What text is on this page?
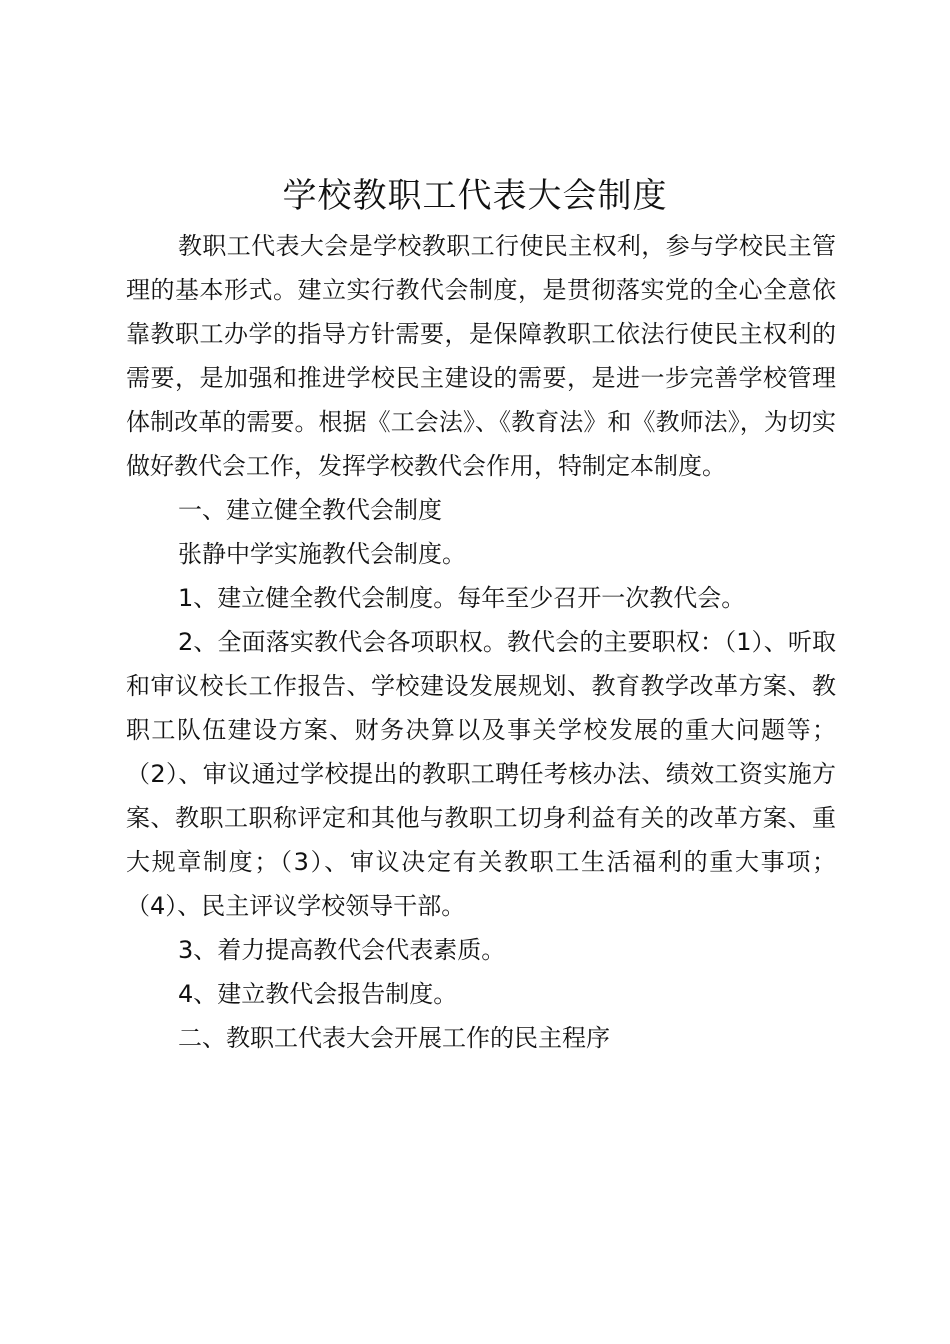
学校教职工代表大会制度

教职工代表大会是学校教职工行使民主权利，参与学校民主管理的基本形式。建立实行教代会制度，是贯彻落实党的全心全意依靠教职工办学的指导方针需要，是保障教职工依法行使民主权利的需要，是加强和推进学校民主建设的需要，是进一步完善学校管理体制改革的需要。根据《工会法》、《教育法》和《教师法》，为切实做好教代会工作，发挥学校教代会作用，特制定本制度。

一、建立健全教代会制度

张静中学实施教代会制度。

1、建立健全教代会制度。每年至少召开一次教代会。

2、全面落实教代会各项职权。教代会的主要职权：（1）、听取和审议校长工作报告、学校建设发展规划、教育教学改革方案、教职工队伍建设方案、财务决算以及事关学校发展的重大问题等；（2）、审议通过学校提出的教职工聘任考核办法、绩效工资实施方案、教职工职称评定和其他与教职工切身利益有关的改革方案、重大规章制度；（3）、审议决定有关教职工生活福利的重大事项；（4）、民主评议学校领导干部。

3、着力提高教代会代表素质。

4、建立教代会报告制度。

二、教职工代表大会开展工作的民主程序
